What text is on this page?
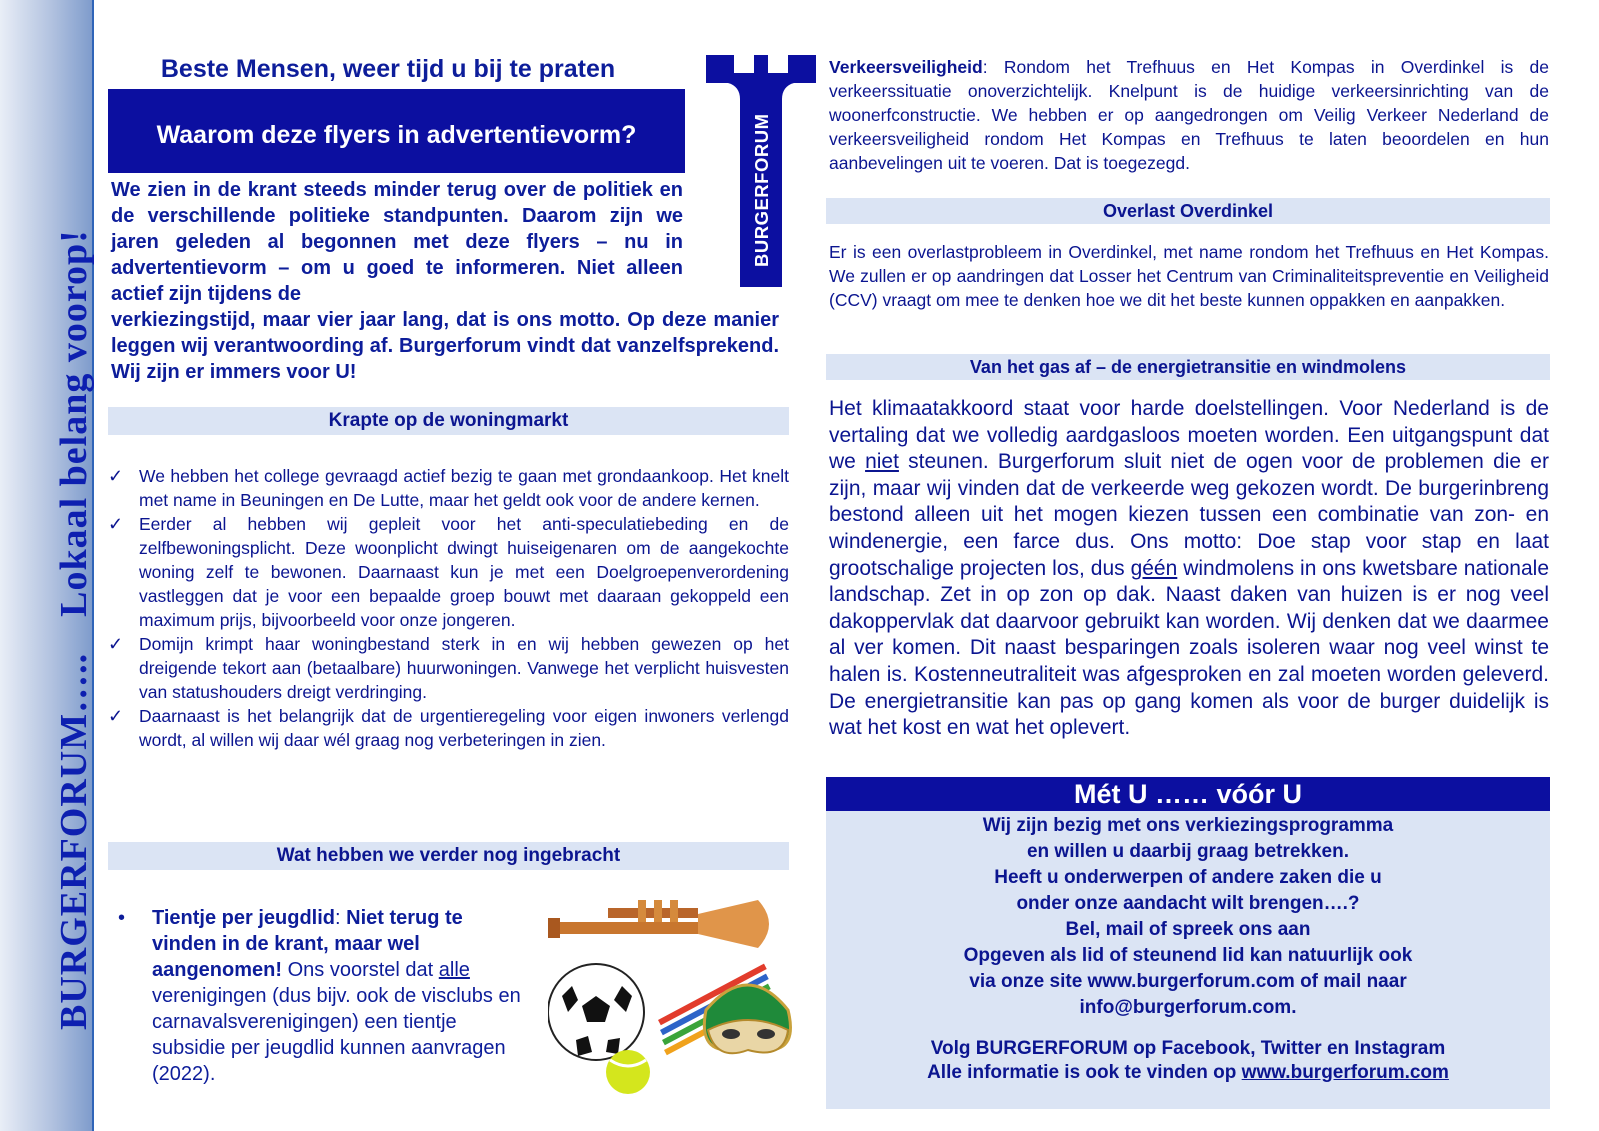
BURGERFORUM…..Lokaal belang voorop!
Beste Mensen, weer tijd u bij te praten
Waarom deze flyers in advertentievorm?
We zien in de krant steeds minder terug over de politiek en de verschillende politieke standpunten. Daarom zijn we jaren geleden al begonnen met deze flyers – nu in advertentievorm – om u goed te informeren. Niet alleen actief zijn tijdens de
verkiezingstijd, maar vier jaar lang, dat is ons motto. Op deze manier leggen wij verantwoording af. Burgerforum vindt dat vanzelfsprekend. Wij zijn er immers voor U!
BURGERFORUM
Krapte op de woningmarkt
✓ We hebben het college gevraagd actief bezig te gaan met grondaankoop. Het knelt met name in Beuningen en De Lutte, maar het geldt ook voor de andere kernen.
✓ Eerder al hebben wij gepleit voor het anti-speculatiebeding en de zelfbewoningsplicht. Deze woonplicht dwingt huiseigenaren om de aangekochte woning zelf te bewonen. Daarnaast kun je met een Doelgroepenverordening vastleggen dat je voor een bepaalde groep bouwt met daaraan gekoppeld een maximum prijs, bijvoorbeeld voor onze jongeren.
✓ Domijn krimpt haar woningbestand sterk in en wij hebben gewezen op het dreigende tekort aan (betaalbare) huurwoningen. Vanwege het verplicht huisvesten van statushouders dreigt verdringing.
✓ Daarnaast is het belangrijk dat de urgentieregeling voor eigen inwoners verlengd wordt, al willen wij daar wél graag nog verbeteringen in zien.
Wat hebben we verder nog ingebracht
• Tientje per jeugdlid: Niet terug te vinden in de krant, maar wel aangenomen! Ons voorstel dat alle verenigingen (dus bijv. ook de visclubs en carnavalsverenigingen) een tientje subsidie per jeugdlid kunnen aanvragen (2022).
Verkeersveiligheid: Rondom het Trefhuus en Het Kompas in Overdinkel is de verkeerssituatie onoverzichtelijk. Knelpunt is de huidige verkeersinrichting van de woonerfconstructie. We hebben er op aangedrongen om Veilig Verkeer Nederland de verkeersveiligheid rondom Het Kompas en Trefhuus te laten beoordelen en hun aanbevelingen uit te voeren. Dat is toegezegd.
Overlast Overdinkel
Er is een overlastprobleem in Overdinkel, met name rondom het Trefhuus en Het Kompas. We zullen er op aandringen dat Losser het Centrum van Criminaliteitspreventie en Veiligheid (CCV) vraagt om mee te denken hoe we dit het beste kunnen oppakken en aanpakken.
Van het gas af – de energietransitie en windmolens
Het klimaatakkoord staat voor harde doelstellingen. Voor Nederland is de vertaling dat we volledig aardgasloos moeten worden. Een uitgangspunt dat we niet steunen. Burgerforum sluit niet de ogen voor de problemen die er zijn, maar wij vinden dat de verkeerde weg gekozen wordt. De burgerinbreng bestond alleen uit het mogen kiezen tussen een combinatie van zon- en windenergie, een farce dus. Ons motto: Doe stap voor stap en laat grootschalige projecten los, dus géén windmolens in ons kwetsbare nationale landschap. Zet in op zon op dak. Naast daken van huizen is er nog veel dakoppervlak dat daarvoor gebruikt kan worden. Wij denken dat we daarmee al ver komen. Dit naast besparingen zoals isoleren waar nog veel winst te halen is. Kostenneutraliteit was afgesproken en zal moeten worden geleverd. De energietransitie kan pas op gang komen als voor de burger duidelijk is wat het kost en wat het oplevert.
Mét U …… vóór U
Wij zijn bezig met ons verkiezingsprogramma
en willen u daarbij graag betrekken.
Heeft u onderwerpen of andere zaken die u
onder onze aandacht wilt brengen….?
Bel, mail of spreek ons aan
Opgeven als lid of steunend lid kan natuurlijk ook
via onze site www.burgerforum.com of mail naar
info@burgerforum.com.
Volg BURGERFORUM op Facebook, Twitter en Instagram
Alle informatie is ook te vinden op www.burgerforum.com
